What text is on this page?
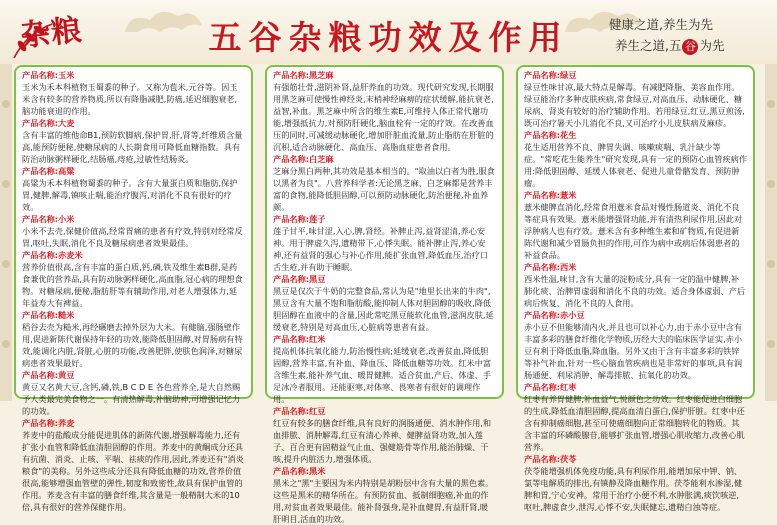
杂粮	五谷杂粮功效及作用	健康之道,养生为先
养生之道,五 谷 为先
产品名称:玉米
玉米为禾本科植物玉蜀黍的种子。又称为苞米,元谷等。因玉米含有较多的营养物质,所以有降脂减肥,防癌,延迟细胞衰老,脑功能衰退的作用。
产品名称:大麦
含有丰富的维他命B1,预防软脚病,保护胃,肝,肾等,纤维质含量高,能预防便秘,使糖尿病的人长期食用可降低血糖指数。具有防治动脉粥样硬化,结肠癌,痔疮,过敏性结肠炎。
产品名称:高粱
高粱为禾本科植物蜀黍的种子。含有大量蛋白质和脂肪,保护胃,健脾,解毒,镇咳止喘,能治疗腹泻,对消化不良有很好的疗效。
产品名称:小米
小米不去壳,保健价值高,经常胃痛的患者有疗效,特别对经常反胃,呕吐,失眠,消化不良及糖尿病患者效果最佳。
产品名称:赤麦米
营养价值很高,含有丰富的蛋白质,钙,磷,铁及维生素B群,是药食兼优的营养品,具有防动脉粥样硬化,高血脂,冠心病的理想食物。对糖尿病,便秘,脂肪肝等有辅助作用,对老人增强体力,延年益寿大有裨益。
产品名称:糙米
稻谷去壳为糙米,再经碾磨去掉外层为大米。有健脑,强肠壁作用,促进新陈代谢保持年轻的功效,能降低胆固醇,对胃肠病有特效,能调化内脏,肾脏,心脏的功能,改善肥胖,使肤色润泽,对糖尿病患者效果最好。
产品名称:黄豆
黄豆又名黄大豆,含钙,磷,铁,B C D E 各色营养全,是大自然赐予人类最完美食物之一。有清热解毒,补脑助神,可增强记忆力的功效。
产品名称:荞麦
荞麦中的盐酸成分能促进肌体的新陈代谢,增强解毒能力,还有扩张小血管和降低血清胆固醇的作用。荞麦中的黄酮成分还具有抗菌、消炎、止咳、平喘、祛痰的作用,因此,荞麦还有"消炎粮食"的美称。另外这些成分还具有降低血糖的功效,营养价值很高,能够增强血管壁的弹性,韧度和致密性,故具有保护血管的作用。荞麦含有丰富的膳食纤维,其含量是一般精制大米的10倍,具有很好的营养保健作用。
产品名称:黑芝麻
有强筋壮骨,滋阴补肾,益肝养血的功效。现代研究发现,长期服用黑芝麻可使慢性神经炎,末梢神经麻痹的症状缓解,能抗衰老,益智,补血。黑芝麻中所含的维生素E,可维持人体正常代谢功能,增强抵抗力,对预防肝硬化,脑血栓有一定的疗效。在改善血压的同时,可减缓动脉硬化,增加肝脏血流量,防止脂肪在肝脏的沉积,适合动脉硬化、高血压、高脂血症患者食用。
产品名称:白芝麻
芝麻分黑白两种,其功效是基本相当的。"取油以白者为胜,服食以黑者为良"。八营养科学者:无论黑芝麻、白芝麻都是营养丰富的食物,能降低胆固醇,可以预防动脉硬化,防治便秘,补血养颜。
产品名称:莲子
莲子甘平,味甘涩,入心,脾,肾经。补脾止泻,益肾涩清,养心安神。用于脾虚久泻,遗精带下,心悸失眠。能补脾止泻,养心安神,还有益肾的强心与补心作用,能扩张血管,降低血压,治疗口舌生疮,并有助于睡眠。
产品名称:黑豆
黑豆是仅次于牛奶的完整食品,常认为是"地里长出来的牛肉",黑豆含有大量不饱和脂肪酸,能抑制人体对胆固醇的吸收,降低胆固醇在血液中的含量,因此常吃黑豆能软化血管,滋润皮肤,延缓衰老,特别是对高血压,心脏病等患者有益。
产品名称:红米
提高机体抗氧化能力,防治慢性病;延缓衰老,改善贫血,降低胆固醇,营养丰富,有补血、降血压、降低血糖等功效。红米中富含维生素,能补养气血、暖胃健脾。适合贫血,产后、体虚、手足冰冷者服用。还能驱寒,对体寒、畏寒者有很好的调理作用。
产品名称:红豆
红豆有较多的膳食纤维,具有良好的润肠通便、消水肿作用,和血排脓、消肿解毒,红豆有清心养神、健脾益肾功效,加入莲子、百合更有固精益气止血、强健筋骨等作用,能治肺燥、干咳,提升内脏活力,增强体质。
产品名称:黑米
黑米之"黑"主要因为米内特别是胡粉层中含有大量的黑色素。这些是黑米的精华所在。有预防贫血、抵制细胞癌,补血的作用,对贫血者效果最佳。能补肾强身,是补血健胃,有益肝肾,暖肝明目,活血的功效。
产品名称:绿豆
绿豆性味甘凉,最大特点是解毒。有减肥降脂、美容血作用。绿豆能治疗多种皮肤疾病,常食绿豆,对高血压、动脉硬化、糖尿病、肾炎有较好的治疗辅助作用。若用绿豆,红豆,黑豆煎汤,既可治疗暑天小儿消化不良,又可治疗小儿皮肤病及麻疹。
产品名称:花生
花生适用营养不良、脾胃失调、咳嗽痰喘、乳汁缺少等症。"常吃花生能养生"研究发现,具有一定的预防心血管疾病作用:降低胆固醇、延缓人体衰老、促进儿童骨骼发育、预防肿瘤。
产品名称:薏米
薏米健脾直消化,经常食用薏米食品对慢性肠道炎、消化不良等症具有效果。薏米能增强肾功能,并有清热利尿作用,因此对浮肿病人也有疗效。薏米含有多种维生素和矿物质,有促进新陈代谢和减少胃肠负担的作用,可作为病中或病后体弱患者的补益食品。
产品名称:西米
西米性温,味甘,含有大量的淀粉成分,具有一定的温中健脾,补肺化痰、治脾胃虚弱和消化不良的功效。适合身体虚弱、产后病后恢复、消化不良的人食用。
产品名称:赤小豆
赤小豆不但能够清内火,并且也可以补心力,由于赤小豆中含有丰富多彩的膳食纤维化学物质,历经大夫的临床医学证实,赤小豆有利于降低血脂,降血脂。另外又由于含有丰富多彩的铁锌等补气补血,针对一些心脑血管疾病也是非常好的事项,具有润肠通便、利尿消肿、解毒排脓、抗氧化的功效。
产品名称:红枣
红枣有养胃健脾,补血益气,悦颜色之功效。红枣能促进白细胞的生成,降低血清胆固醇,提高血清白蛋白,保护肝脏。红枣中还含有抑制癌细胞,甚至可使癌细胞向正常细胞转化的物质。其含丰富的环磷酸腺苷,能够扩张血管,增强心肌收缩力,改善心肌营养。
产品名称:茯苓
茯苓能增强机体免疫功能,具有利尿作用,能增加尿中钾、钠、氯等电解质的排出,有镇静及降血糖作用。茯苓能利水渗湿,健脾和胃,宁心安神。常用于治疗小便不利,水肿胀满,痰饮咳逆,呕吐,脾虚食少,泄泻,心悸不安,失眠健忘,遗精白浊等症。
